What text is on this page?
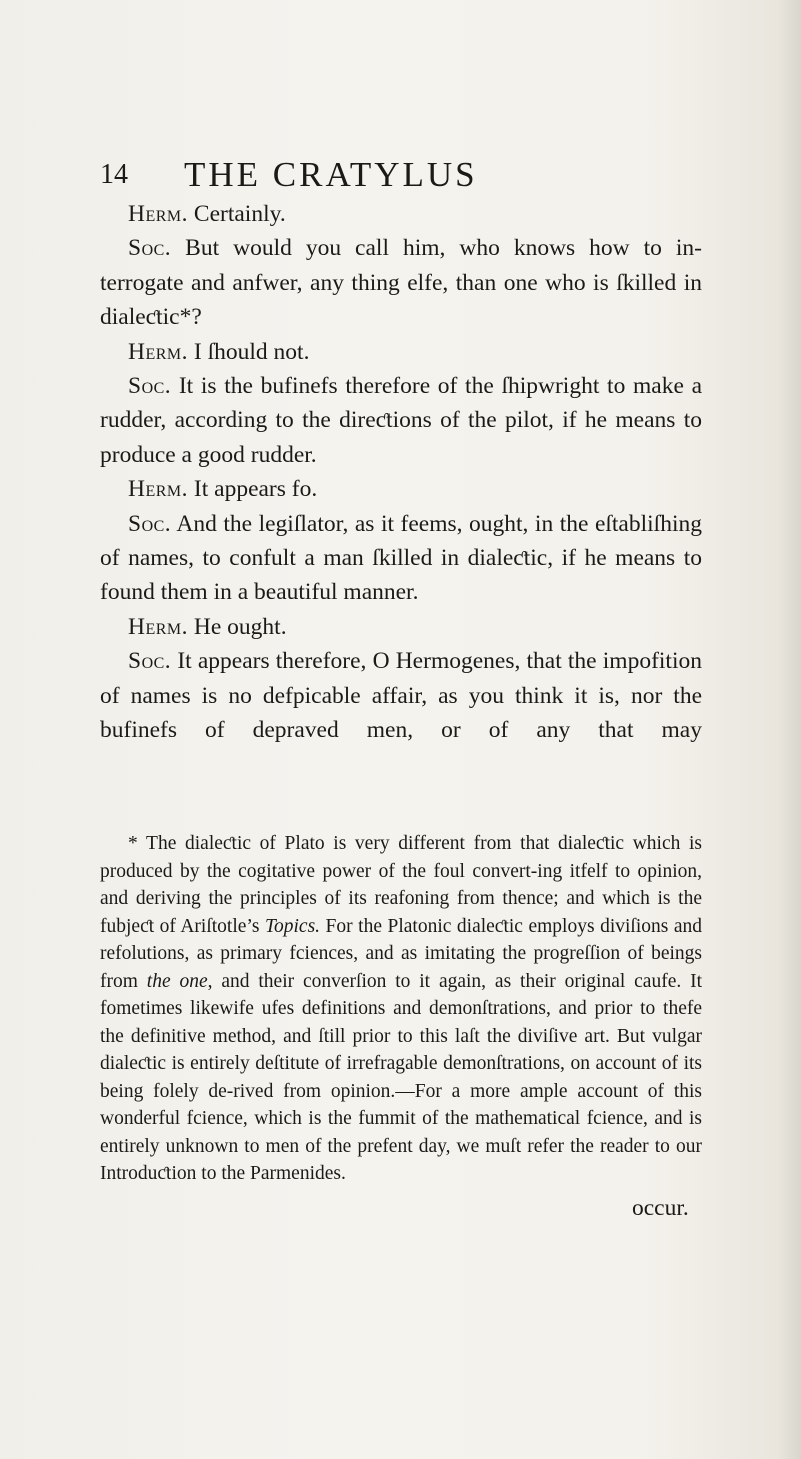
14 THE CRATYLUS

Herm. Certainly.

Soc. But would you call him, who knows how to in-terrogate and anfwer, any thing elfe, than one who is ſkilled in dialeƈtic*?

Herm. I ſhould not.

Soc. It is the bufinefs therefore of the ſhipwright to make a rudder, according to the direƈtions of the pilot, if he means to produce a good rudder.

Herm. It appears fo.

Soc. And the legiſlator, as it feems, ought, in the eſtabliſhing of names, to confult a man ſkilled in dialeƈtic, if he means to found them in a beautiful manner.

Herm. He ought.

Soc. It appears therefore, O Hermogenes, that the impofition of names is no defpicable affair, as you think it is, nor the bufinefs of depraved men, or of any that may

* The dialeƈtic of Plato is very different from that dialeƈtic which is produced by the cogitative power of the foul convert-ing itfelf to opinion, and deriving the principles of its reafoning from thence; and which is the fubjeƈt of Ariſtotle’s Topics. For the Platonic dialeƈtic employs diviſions and refolutions, as primary fciences, and as imitating the progreſſion of beings from the one, and their converſion to it again, as their original caufe. It fometimes likewife ufes definitions and demonſtrations, and prior to thefe the definitive method, and ſtill prior to this laſt the diviſive art. But vulgar dialeƈtic is entirely deſtitute of irrefragable demonſtrations, on account of its being folely de-rived from opinion.—For a more ample account of this wonderful fcience, which is the fummit of the mathematical fcience, and is entirely unknown to men of the prefent day, we muſt refer the reader to our Introduƈtion to the Parmenides.

occur.
